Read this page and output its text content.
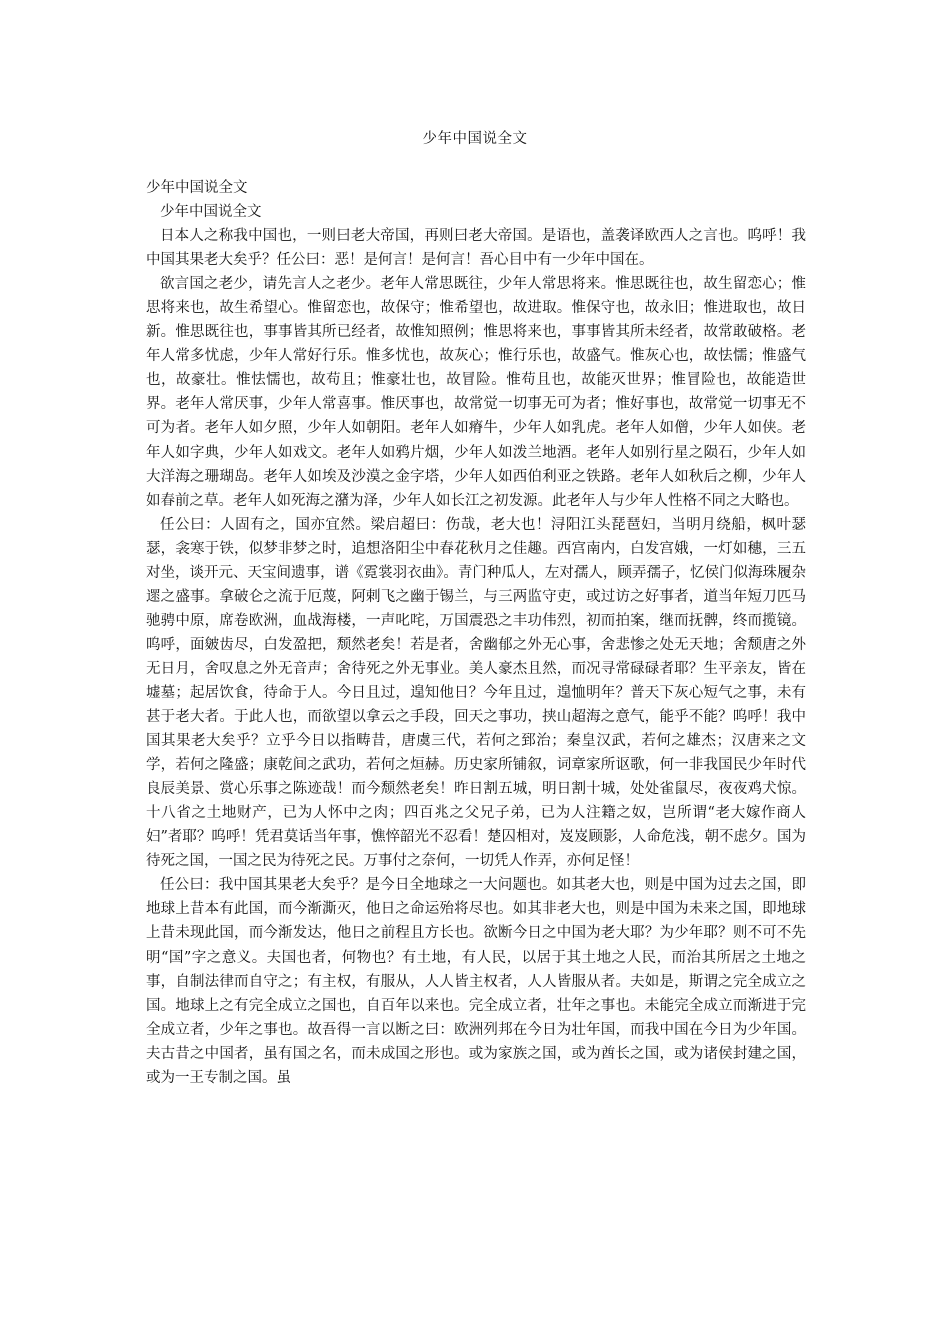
少年中国说全文

少年中国说全文

少年中国说全文

日本人之称我中国也，一则曰老大帝国，再则曰老大帝国。是语也，盖袭译欧西人之言也。呜呼！我中国其果老大矣乎？任公曰：恶！是何言！是何言！吾心目中有一少年中国在。

欲言国之老少，请先言人之老少。老年人常思既往，少年人常思将来。惟思既往也，故生留恋心；惟思将来也，故生希望心。惟留恋也，故保守；惟希望也，故进取。惟保守也，故永旧；惟进取也，故日新。惟思既往也，事事皆其所已经者，故惟知照例；惟思将来也，事事皆其所未经者，故常敢破格。老年人常多忧虑，少年人常好行乐。惟多忧也，故灰心；惟行乐也，故盛气。惟灰心也，故怯懦；惟盛气也，故豪壮。惟怯懦也，故苟且；惟豪壮也，故冒险。惟苟且也，故能灭世界；惟冒险也，故能造世界。老年人常厌事，少年人常喜事。惟厌事也，故常觉一切事无可为者；惟好事也，故常觉一切事无不可为者。老年人如夕照，少年人如朝阳。老年人如瘠牛，少年人如乳虎。老年人如僧，少年人如侠。老年人如字典，少年人如戏文。老年人如鸦片烟，少年人如泼兰地酒。老年人如别行星之陨石，少年人如大洋海之珊瑚岛。老年人如埃及沙漠之金字塔，少年人如西伯利亚之铁路。老年人如秋后之柳，少年人如春前之草。老年人如死海之潴为泽，少年人如长江之初发源。此老年人与少年人性格不同之大略也。

任公曰：人固有之，国亦宜然。梁启超曰：伤哉，老大也！浔阳江头琵琶妇，当明月绕船，枫叶瑟瑟，衾寒于铁，似梦非梦之时，追想洛阳尘中春花秋月之佳趣。西宫南内，白发宫娥，一灯如穗，三五对坐，谈开元、天宝间遗事，谱《霓裳羽衣曲》。青门种瓜人，左对孺人，顾弄孺子，忆侯门似海珠履杂遝之盛事。拿破仑之流于厄蔑，阿剌飞之幽于锡兰，与三两监守吏，或过访之好事者，道当年短刀匹马驰骋中原，席卷欧洲，血战海楼，一声叱咤，万国震恐之丰功伟烈，初而拍案，继而抚髀，终而揽镜。呜呼，面皴齿尽，白发盈把，颓然老矣！若是者，舍幽郁之外无心事，舍悲惨之处无天地；舍颓唐之外无日月，舍叹息之外无音声；舍待死之外无事业。美人豪杰且然，而况寻常碌碌者耶？生平亲友，皆在墟墓；起居饮食，待命于人。今日且过，遑知他日？今年且过，遑恤明年？普天下灰心短气之事，未有甚于老大者。于此人也，而欲望以拿云之手段，回天之事功，挟山超海之意气，能乎不能？呜呼！我中国其果老大矣乎？立乎今日以指畴昔，唐虞三代，若何之郅治；秦皇汉武，若何之雄杰；汉唐来之文学，若何之隆盛；康乾间之武功，若何之烜赫。历史家所铺叙，词章家所讴歌，何一非我国民少年时代良辰美景、赏心乐事之陈迹哉！而今颓然老矣！昨日割五城，明日割十城，处处雀鼠尽，夜夜鸡犬惊。十八省之土地财产，已为人怀中之肉；四百兆之父兄子弟，已为人注籍之奴，岂所谓“老大嫁作商人妇”者耶？呜呼！凭君莫话当年事，憔悴韶光不忍看！楚囚相对，岌岌顾影，人命危浅，朝不虑夕。国为待死之国，一国之民为待死之民。万事付之奈何，一切凭人作弄，亦何足怪！

任公曰：我中国其果老大矣乎？是今日全地球之一大问题也。如其老大也，则是中国为过去之国，即地球上昔本有此国，而今渐澌灭，他日之命运殆将尽也。如其非老大也，则是中国为未来之国，即地球上昔未现此国，而今渐发达，他日之前程且方长也。欲断今日之中国为老大耶？为少年耶？则不可不先明“国”字之意义。夫国也者，何物也？有土地，有人民，以居于其土地之人民，而治其所居之土地之事，自制法律而自守之；有主权，有服从，人人皆主权者，人人皆服从者。夫如是，斯谓之完全成立之国。地球上之有完全成立之国也，自百年以来也。完全成立者，壮年之事也。未能完全成立而渐进于完全成立者，少年之事也。故吾得一言以断之曰：欧洲列邦在今日为壮年国，而我中国在今日为少年国。夫古昔之中国者，虽有国之名，而未成国之形也。或为家族之国，或为酋长之国，或为诸侯封建之国，或为一王专制之国。虽
